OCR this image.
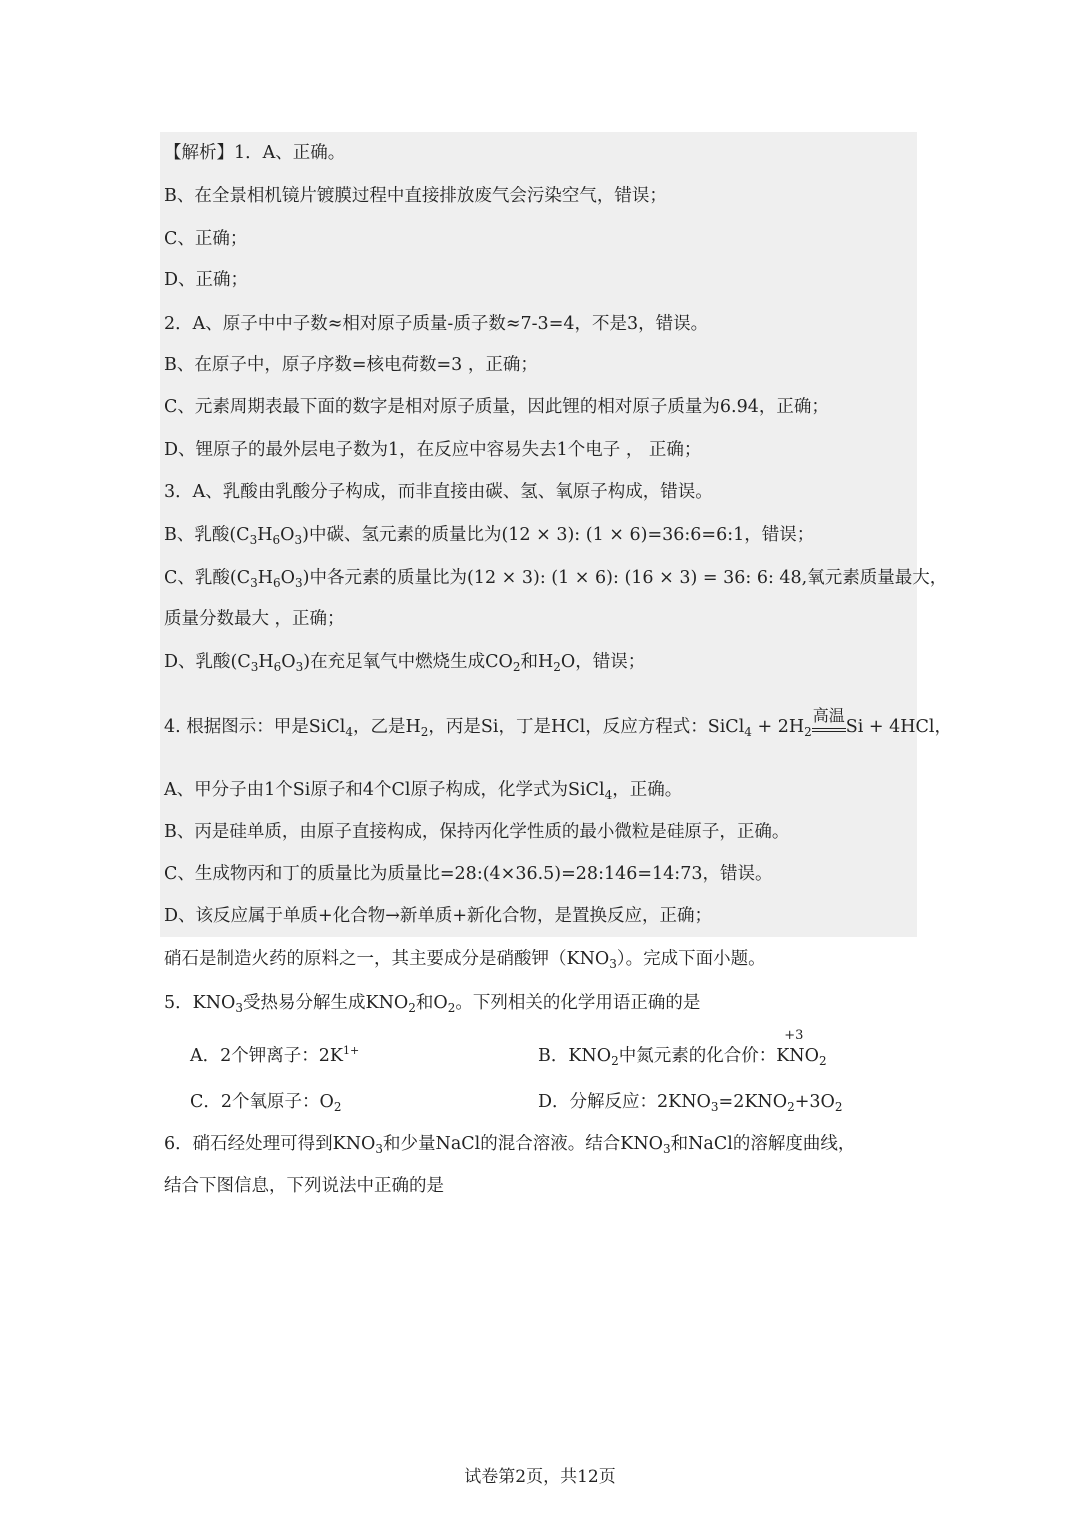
【解析】1．A、正确。
B、在全景相机镜片镀膜过程中直接排放废气会污染空气，错误；
C、正确；
D、正确；
2．A、原子中中子数≈相对原子质量-质子数≈7-3=4，不是3，错误。
B、在原子中，原子序数=核电荷数=3 ，正确；
C、元素周期表最下面的数字是相对原子质量，因此锂的相对原子质量为6.94，正确；
D、锂原子的最外层电子数为1，在反应中容易失去1个电子 ， 正确；
3．A、乳酸由乳酸分子构成，而非直接由碳、氢、氧原子构成，错误。
B、乳酸$(C_3H_6O_3)$中碳、氢元素的质量比为(12 × 3): (1 × 6)=36:6=6:1，错误；
C、乳酸$(C_3H_6O_3)$中各元素的质量比为(12 × 3): (1 × 6): (16 × 3) = 36: 6: 48,氧元素质量最大，
质量分数最大 ，正确；
D、乳酸$(C_3H_6O_3)$在充足氧气中燃烧生成$CO_2$和$H_2O$，错误；
4. 根据图示：甲是SiCl$_4$，乙是$H_2$，丙是Si，丁是HCl，反应方程式：SiCl$_4$ + $2H_2$
高温
Si + 4HCl，
A、甲分子由1个Si原子和4个Cl原子构成，化学式为SiCl$_4$，正确。
B、丙是硅单质，由原子直接构成，保持丙化学性质的最小微粒是硅原子，正确。
C、生成物丙和丁的质量比为质量比=28:(4×36.5)=28:146=14:73，错误。
D、该反应属于单质+化合物→新单质+新化合物，是置换反应，正确；
硝石是制造火药的原料之一，其主要成分是硝酸钾$(KNO_3)$。完成下面小题。
5．$KNO_3$受热易分解生成$KNO_2$和$O_2$。下列相关的化学用语正确的是
A．2个钾离子：$2K^{1+}$	B．$KNO_2$中氮元素的化合价：
+3
$KNO_2$
C．2个氧原子：$O_2$	D．分解反应：$2KNO_3=2KNO_2+3O_2$
6．硝石经处理可得到$KNO_3$和少量NaCl的混合溶液。结合$KNO_3$和NaCl的溶解度曲线，
结合下图信息，下列说法中正确的是
试卷第2页，共12页
